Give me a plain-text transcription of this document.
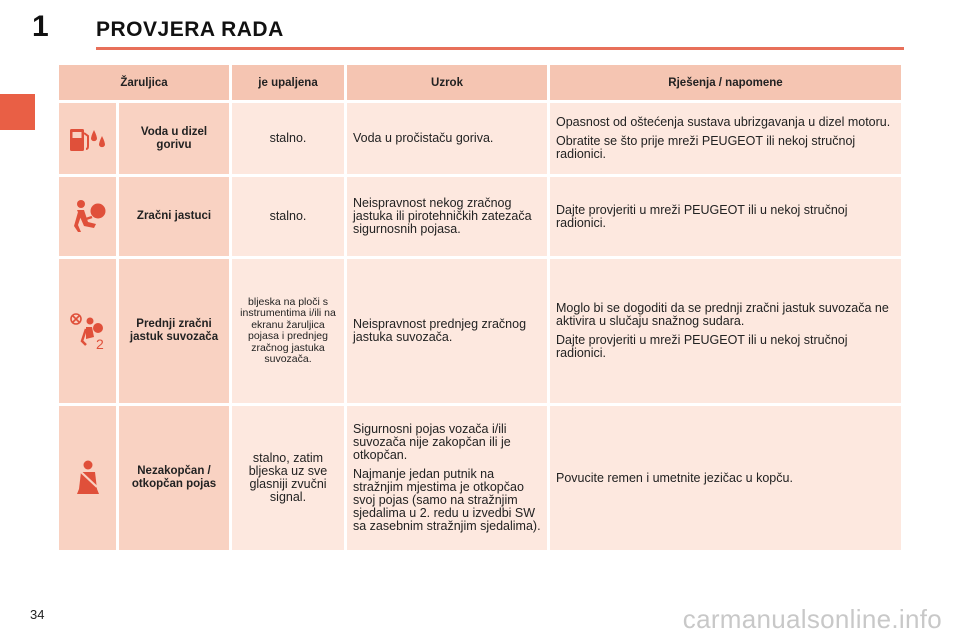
1 PROVJERA RADA
Žaruljica		je upaljena	Uzrok	Rješenja / napomene

	Voda u dizel gorivu	stalno.	Voda u pročistaču goriva.	Opasnost od oštećenja sustava ubrizgavanja u dizel motoru.

Obratite se što prije mreži PEUGEOT ili nekoj stručnoj radionici.

	Zračni jastuci	stalno.	Neispravnost nekog zračnog jastuka ili pirotehničkih zatezača sigurnosnih pojasa.	Dajte provjeriti u mreži PEUGEOT ili u nekoj stručnoj radionici.

2	Prednji zračni jastuk suvozača	bljeska na ploči s instrumentima i/ili na ekranu žaruljica pojasa i prednjeg zračnog jastuka suvozača.	Neispravnost prednjeg zračnog jastuka suvozača.	Moglo bi se dogoditi da se prednji zračni jastuk suvozača ne aktivira u slučaju snažnog sudara.

Dajte provjeriti u mreži PEUGEOT ili u nekoj stručnoj radionici.

	Nezakopčan / otkopčan pojas	stalno, zatim bljeska uz sve glasniji zvučni signal.	Sigurnosni pojas vozača i/ili suvozača nije zakopčan ili je otkopčan.

Najmanje jedan putnik na stražnjim mjestima je otkopčao svoj pojas (samo na stražnjim sjedalima u 2. redu u izvedbi SW sa zasebnim stražnjim sjedalima).	Povucite remen i umetnite jezičac u kopču.

34	carmanualsonline.info
